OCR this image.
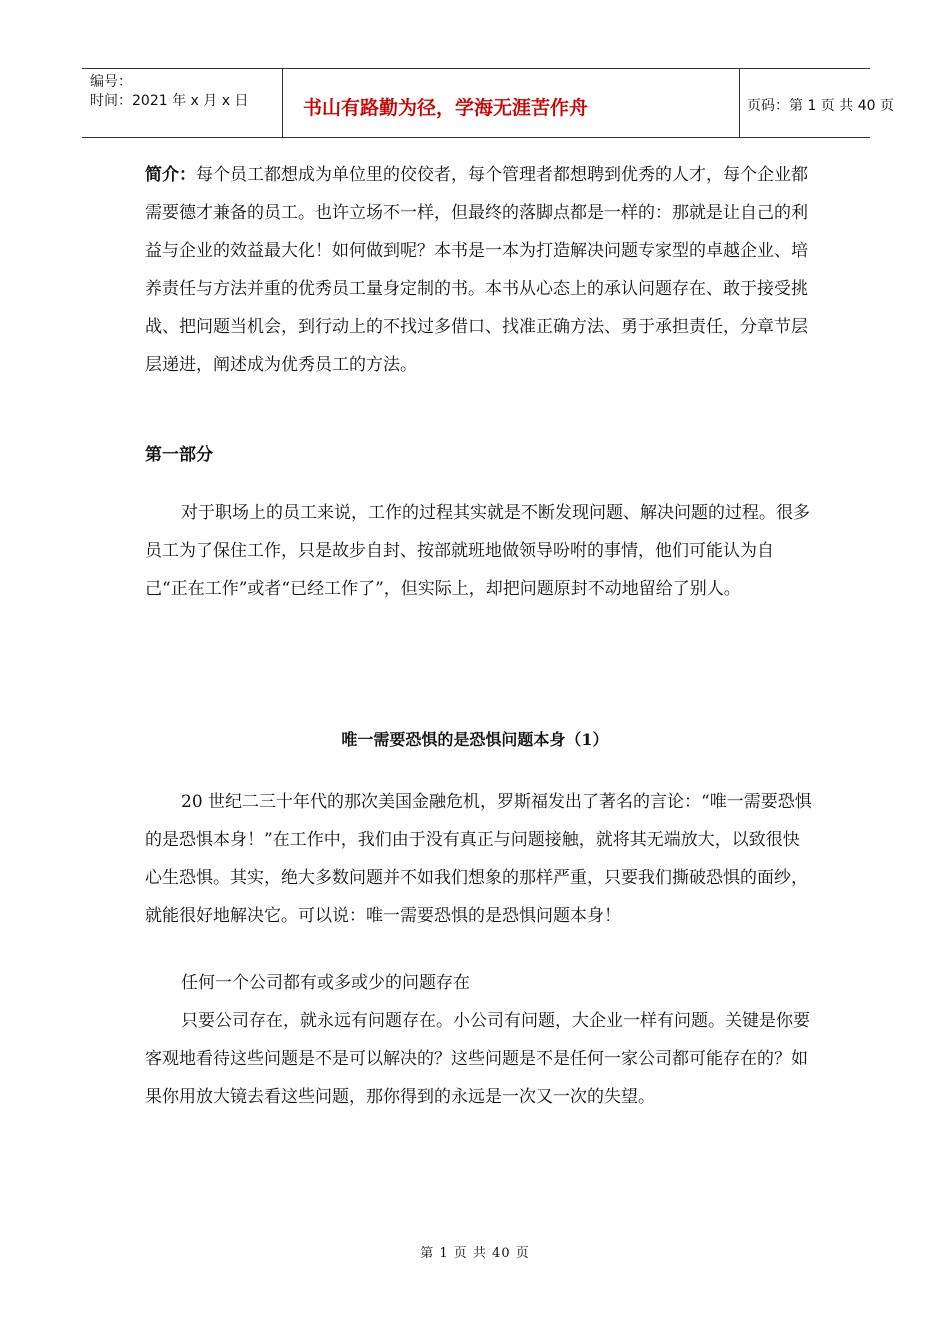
编号：
时间：2021 年 x 月 x 日	书山有路勤为径，学海无涯苦作舟	页码：第 1 页 共 40 页
简介：每个员工都想成为单位里的佼佼者，每个管理者都想聘到优秀的人才，每个企业都需要德才兼备的员工。也许立场不一样，但最终的落脚点都是一样的：那就是让自己的利益与企业的效益最大化！如何做到呢？本书是一本为打造解决问题专家型的卓越企业、培养责任与方法并重的优秀员工量身定制的书。本书从心态上的承认问题存在、敢于接受挑战、把问题当机会，到行动上的不找过多借口、找准正确方法、勇于承担责任，分章节层层递进，阐述成为优秀员工的方法。
第一部分
对于职场上的员工来说，工作的过程其实就是不断发现问题、解决问题的过程。很多员工为了保住工作，只是故步自封、按部就班地做领导吩咐的事情，他们可能认为自己“正在工作”或者“已经工作了”，但实际上，却把问题原封不动地留给了别人。
唯一需要恐惧的是恐惧问题本身（1）
20 世纪二三十年代的那次美国金融危机，罗斯福发出了著名的言论：“唯一需要恐惧的是恐惧本身！”在工作中，我们由于没有真正与问题接触，就将其无端放大，以致很快心生恐惧。其实，绝大多数问题并不如我们想象的那样严重，只要我们撕破恐惧的面纱，就能很好地解决它。可以说：唯一需要恐惧的是恐惧问题本身！
任何一个公司都有或多或少的问题存在
只要公司存在，就永远有问题存在。小公司有问题，大企业一样有问题。关键是你要客观地看待这些问题是不是可以解决的？这些问题是不是任何一家公司都可能存在的？如果你用放大镜去看这些问题，那你得到的永远是一次又一次的失望。
第 1 页 共 40 页
